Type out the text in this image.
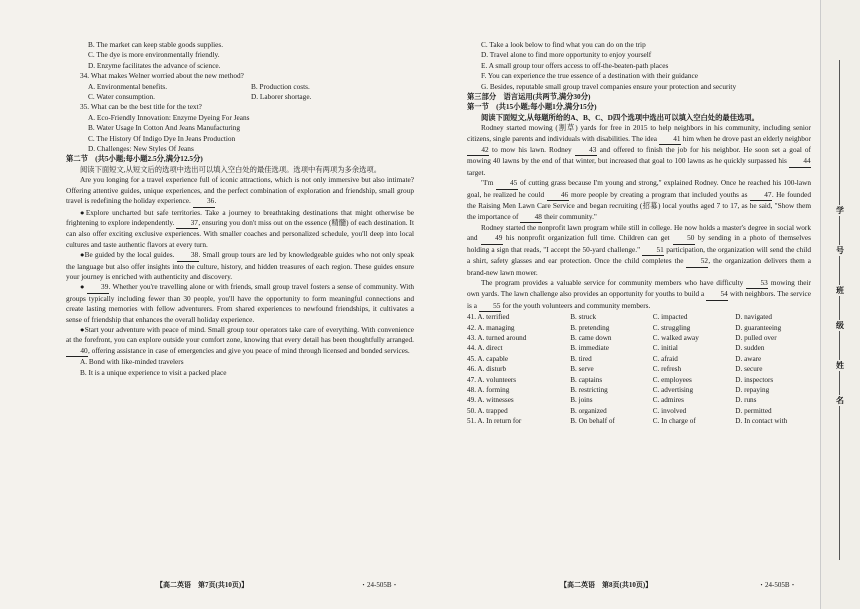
B. The market can keep stable goods supplies.
C. The dye is more environmentally friendly.
D. Enzyme facilitates the advance of science.
34. What makes Welner worried about the new method?
A. Environmental benefits.	B. Production costs.
C. Water consumption.	D. Laborer shortage.
35. What can be the best title for the text?
A. Eco-Friendly Innovation: Enzyme Dyeing For Jeans
B. Water Usage In Cotton And Jeans Manufacturing
C. The History Of Indigo Dye In Jeans Production
D. Challenges: New Styles Of Jeans
第二节　(共5小题;每小题2.5分,满分12.5分)
阅读下面短文,从短文后的选项中选出可以填入空白处的最佳选项。选项中有两项为多余选项。
Are you longing for a travel experience full of iconic attractions, which is not only immersive but also intimate? Offering attentive guides, unique experiences, and the perfect combination of exploration and friendship, small group travel is redefining the holiday experience. 36.
●Explore uncharted but safe territories. Take a journey to breathtaking destinations that might otherwise be frightening to explore independently. 37, ensuring you don't miss out on the essence (精髓) of each destination. It can also offer exciting exclusive experiences. With smaller coaches and personalized schedule, you'll deep into local cultures and taste authentic flavors at every turn.
●Be guided by the local guides. 38. Small group tours are led by knowledgeable guides who not only speak the language but also offer insights into the culture, history, and hidden treasures of each region. These guides ensure your journey is enriched with authenticity and discovery.
● 39. Whether you're travelling alone or with friends, small group travel fosters a sense of community. With groups typically including fewer than 30 people, you'll have the opportunity to form meaningful connections and create lasting memories with fellow adventurers. From shared experiences to newfound friendships, it cultivates a sense of friendship that enhances the overall holiday experience.
●Start your adventure with peace of mind. Small group tour operators take care of everything. With convenience at the forefront, you can explore outside your comfort zone, knowing that every detail has been thoughtfully arranged. 40, offering assistance in case of emergencies and give you peace of mind through licensed and bonded services.
A. Bond with like-minded travelers
B. It is a unique experience to visit a packed place
【高二英语　第7页(共10页)】	・24-505B・
C. Take a look below to find what you can do on the trip
D. Travel alone to find more opportunity to enjoy yourself
E. A small group tour offers access to off-the-beaten-path places
F. You can experience the true essence of a destination with their guidance
G. Besides, reputable small group travel companies ensure your protection and security
第三部分　语言运用(共两节,满分30分)
第一节　(共15小题;每小题1分,满分15分)
阅读下面短文,从每题所给的A、B、C、D四个选项中选出可以填入空白处的最佳选项。
Rodney started mowing (割草) yards for free in 2015 to help neighbors in his community, including senior citizens, single parents and individuals with disabilities. The idea 41 him when he drove past an elderly neighbor 42 to mow his lawn. Rodney 43 and offered to finish the job for his neighbor. He soon set a goal of mowing 40 lawns by the end of that winter, but increased that goal to 100 lawns as he quickly surpassed his 44 target.
"I'm 45 of cutting grass because I'm young and strong," explained Rodney. Once he reached his 100-lawn goal, he realized he could 46 more people by creating a program that included youths as 47. He founded the Raising Men Lawn Care Service and began recruiting (招募) local youths aged 7 to 17, as he said, "Show them the importance of 48 their community."
Rodney started the nonprofit lawn program while still in college. He now holds a master's degree in social work and 49 his nonprofit organization full time. Children can get 50 by sending in a photo of themselves holding a sign that reads, "I accept the 50-yard challenge." 51 participation, the organization will send the child a shirt, safety glasses and ear protection. Once the child completes the 52, the organization delivers them a brand-new lawn mower.
The program provides a valuable service for community members who have difficulty 53 mowing their own yards. The lawn challenge also provides an opportunity for youths to build a 54 with neighbors. The service is a 55 for the youth volunteers and community members.
41. A. terrified	B. struck	C. impacted	D. navigated
42. A. managing	B. pretending	C. struggling	D. guaranteeing
43. A. turned around	B. came down	C. walked away	D. pulled over
44. A. direct	B. immediate	C. initial	D. sudden
45. A. capable	B. tired	C. afraid	D. aware
46. A. disturb	B. serve	C. refresh	D. secure
47. A. volunteers	B. captains	C. employees	D. inspectors
48. A. forming	B. restricting	C. advertising	D. repaying
49. A. witnesses	B. joins	C. admires	D. runs
50. A. trapped	B. organized	C. involved	D. permitted
51. A. In return for	B. On behalf of	C. In charge of	D. In contact with
【高二英语　第8页(共10页)】	・24-505B・
学
号
班
级
姓
名
